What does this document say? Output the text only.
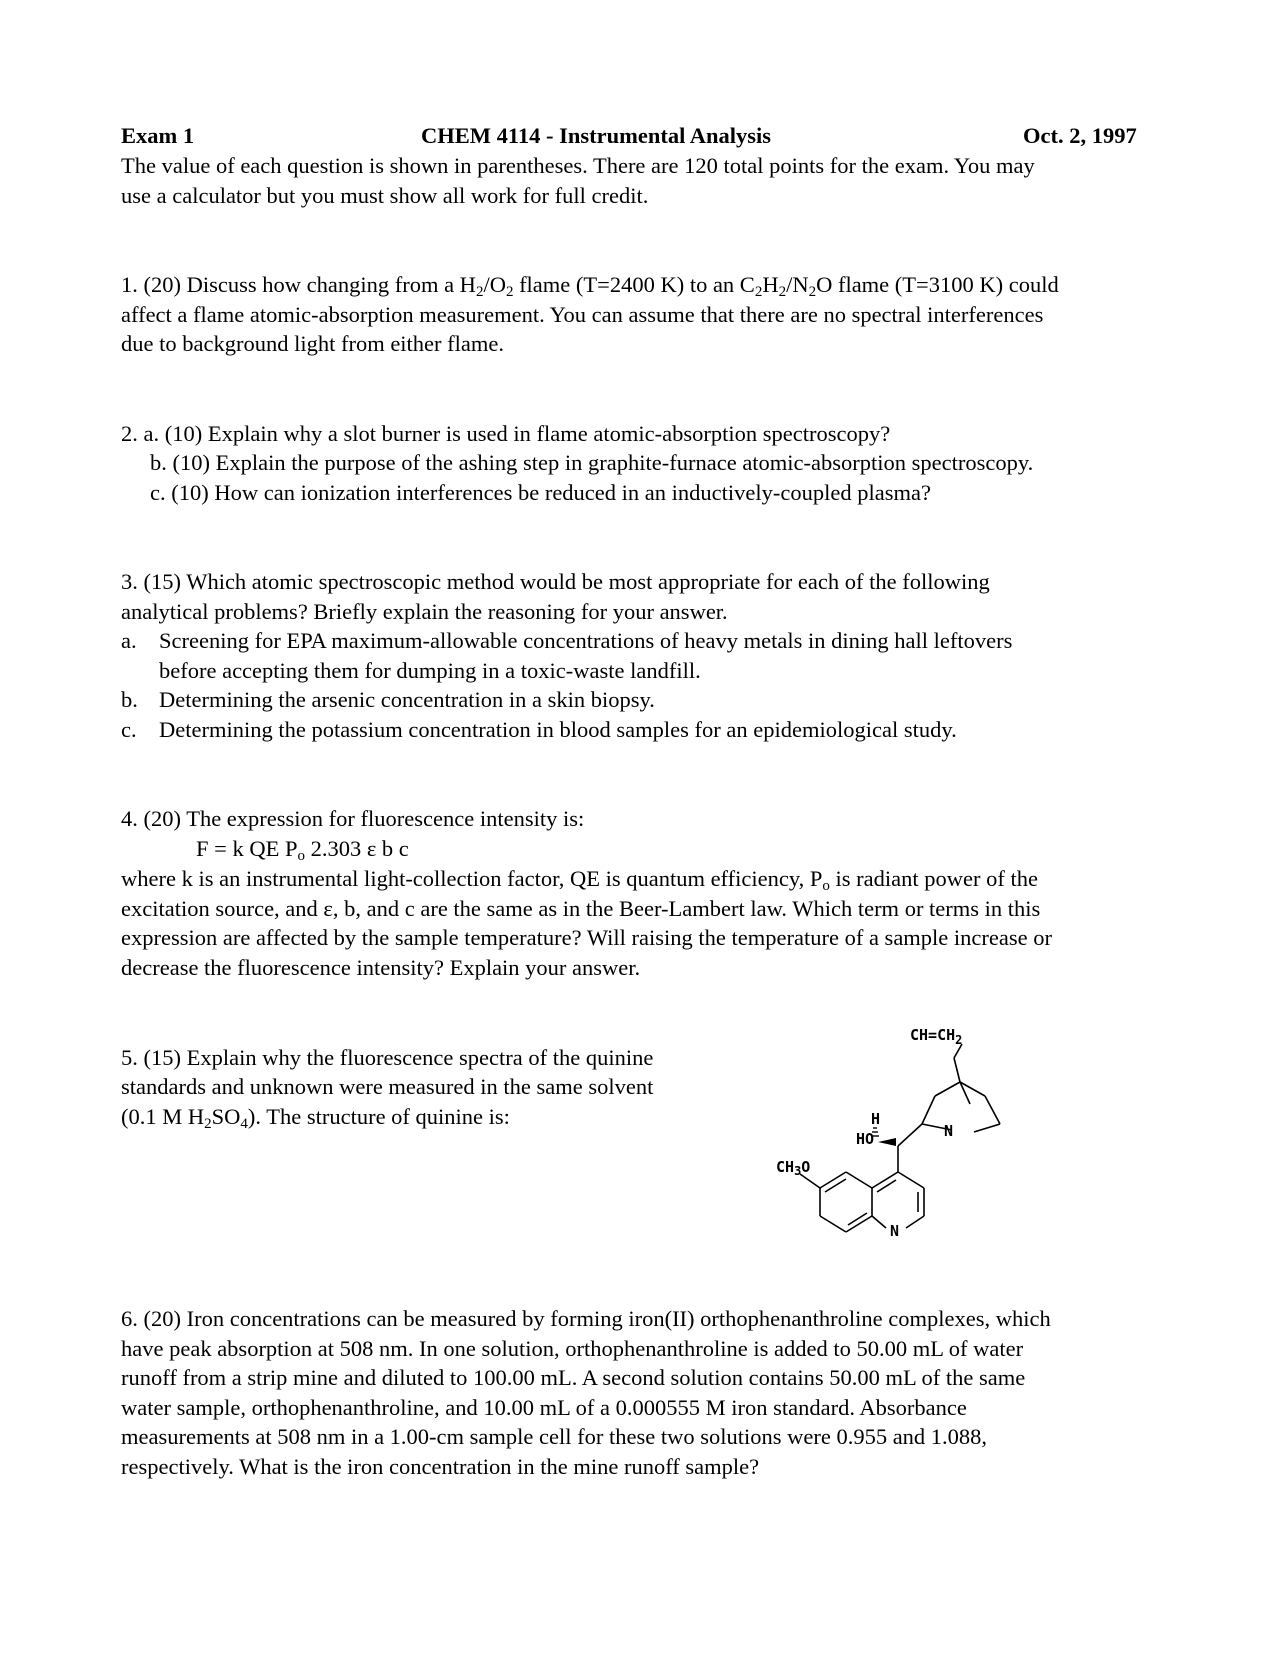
Exam 1	CHEM 4114 - Instrumental Analysis	Oct. 2, 1997
The value of each question is shown in parentheses. There are 120 total points for the exam. You may
use a calculator but you must show all work for full credit.
1. (20) Discuss how changing from a $H_2/O_2$ flame (T=2400 K) to an $C_2H_2/N_2O$ flame (T=3100 K) could
affect a flame atomic-absorption measurement. You can assume that there are no spectral interferences
due to background light from either flame.
2. a. (10) Explain why a slot burner is used in flame atomic-absorption spectroscopy?
b. (10) Explain the purpose of the ashing step in graphite-furnace atomic-absorption spectroscopy.
c. (10) How can ionization interferences be reduced in an inductively-coupled plasma?
3. (15) Which atomic spectroscopic method would be most appropriate for each of the following
analytical problems? Briefly explain the reasoning for your answer.
a. Screening for EPA maximum-allowable concentrations of heavy metals in dining hall leftovers
before accepting them for dumping in a toxic-waste landfill.
b. Determining the arsenic concentration in a skin biopsy.
c. Determining the potassium concentration in blood samples for an epidemiological study.
4. (20) The expression for fluorescence intensity is:
F = k QE $P_o$ 2.303 ε b c
where k is an instrumental light-collection factor, QE is quantum efficiency, $P_o$ is radiant power of the
excitation source, and ε, b, and c are the same as in the Beer-Lambert law. Which term or terms in this
expression are affected by the sample temperature? Will raising the temperature of a sample increase or
decrease the fluorescence intensity? Explain your answer.
5. (15) Explain why the fluorescence spectra of the quinine
standards and unknown were measured in the same solvent
(0.1 M $H_2SO_4$). The structure of quinine is:
$CH=CH_2$
N
H
HO
$CH_3O$
N
6. (20) Iron concentrations can be measured by forming iron(II) orthophenanthroline complexes, which
have peak absorption at 508 nm. In one solution, orthophenanthroline is added to 50.00 mL of water
runoff from a strip mine and diluted to 100.00 mL. A second solution contains 50.00 mL of the same
water sample, orthophenanthroline, and 10.00 mL of a 0.000555 M iron standard. Absorbance
measurements at 508 nm in a 1.00-cm sample cell for these two solutions were 0.955 and 1.088,
respectively. What is the iron concentration in the mine runoff sample?
